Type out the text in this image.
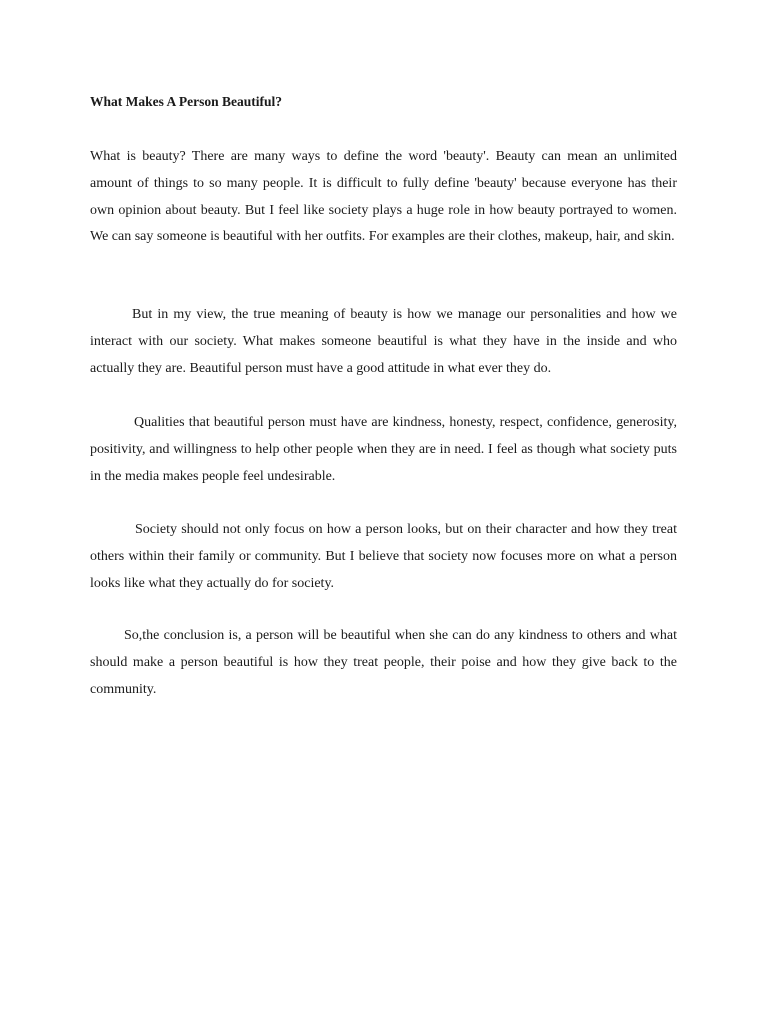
What Makes A Person Beautiful?

What is beauty? There are many ways to define the word 'beauty'. Beauty can mean an unlimited amount of things to so many people. It is difficult to fully define 'beauty' because everyone has their own opinion about beauty. But I feel like society plays a huge role in how beauty portrayed to women. We can say someone is beautiful with her outfits. For examples are their clothes, makeup, hair, and skin.

But in my view, the true meaning of beauty is how we manage our personalities and how we interact with our society. What makes someone beautiful is what they have in the inside and who actually they are. Beautiful person must have a good attitude in what ever they do.

Qualities that beautiful person must have are kindness, honesty, respect, confidence, generosity, positivity, and willingness to help other people when they are in need. I feel as though what society puts in the media makes people feel undesirable.

Society should not only focus on how a person looks, but on their character and how they treat others within their family or community. But I believe that society now focuses more on what a person looks like what they actually do for society.

So,the conclusion is, a person will be beautiful when she can do any kindness to others and what should make a person beautiful is how they treat people, their poise and how they give back to the community.
